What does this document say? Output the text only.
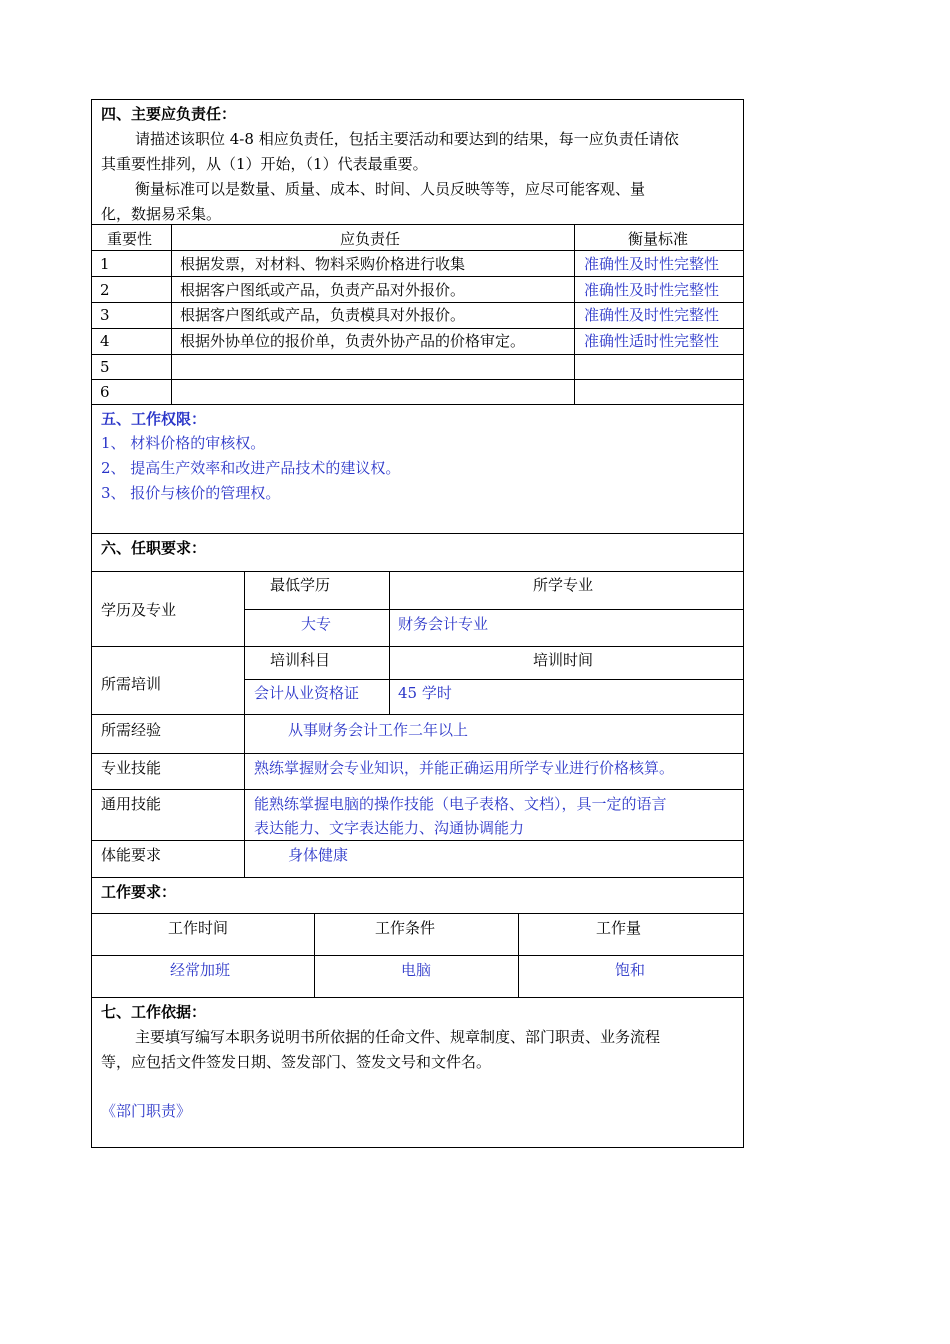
四、主要应负责任：
请描述该职位 4-8 相应负责任，包括主要活动和要达到的结果，每一应负责任请依
其重要性排列，从（1）开始，（1）代表最重要。
衡量标准可以是数量、质量、成本、时间、人员反映等等，应尽可能客观、量
化，数据易采集。
重要性	应负责任	衡量标准
1	根据发票，对材料、物料采购价格进行收集	准确性及时性完整性
2	根据客户图纸或产品，负责产品对外报价。	准确性及时性完整性
3	根据客户图纸或产品，负责模具对外报价。	准确性及时性完整性
4	根据外协单位的报价单，负责外协产品的价格审定。	准确性适时性完整性
5
6
五、工作权限：
1、 材料价格的审核权。
2、 提高生产效率和改进产品技术的建议权。
3、 报价与核价的管理权。
六、任职要求：
学历及专业
最低学历	所学专业
大专	财务会计专业
所需培训
培训科目	培训时间
会计从业资格证	45 学时
所需经验	从事财务会计工作二年以上
专业技能	熟练掌握财会专业知识，并能正确运用所学专业进行价格核算。
通用技能	能熟练掌握电脑的操作技能（电子表格、文档），具一定的语言
表达能力、文字表达能力、沟通协调能力
体能要求	身体健康
工作要求：
工作时间	工作条件	工作量
经常加班	电脑	饱和
七、工作依据：
主要填写编写本职务说明书所依据的任命文件、规章制度、部门职责、业务流程
等，应包括文件签发日期、签发部门、签发文号和文件名。
《部门职责》
